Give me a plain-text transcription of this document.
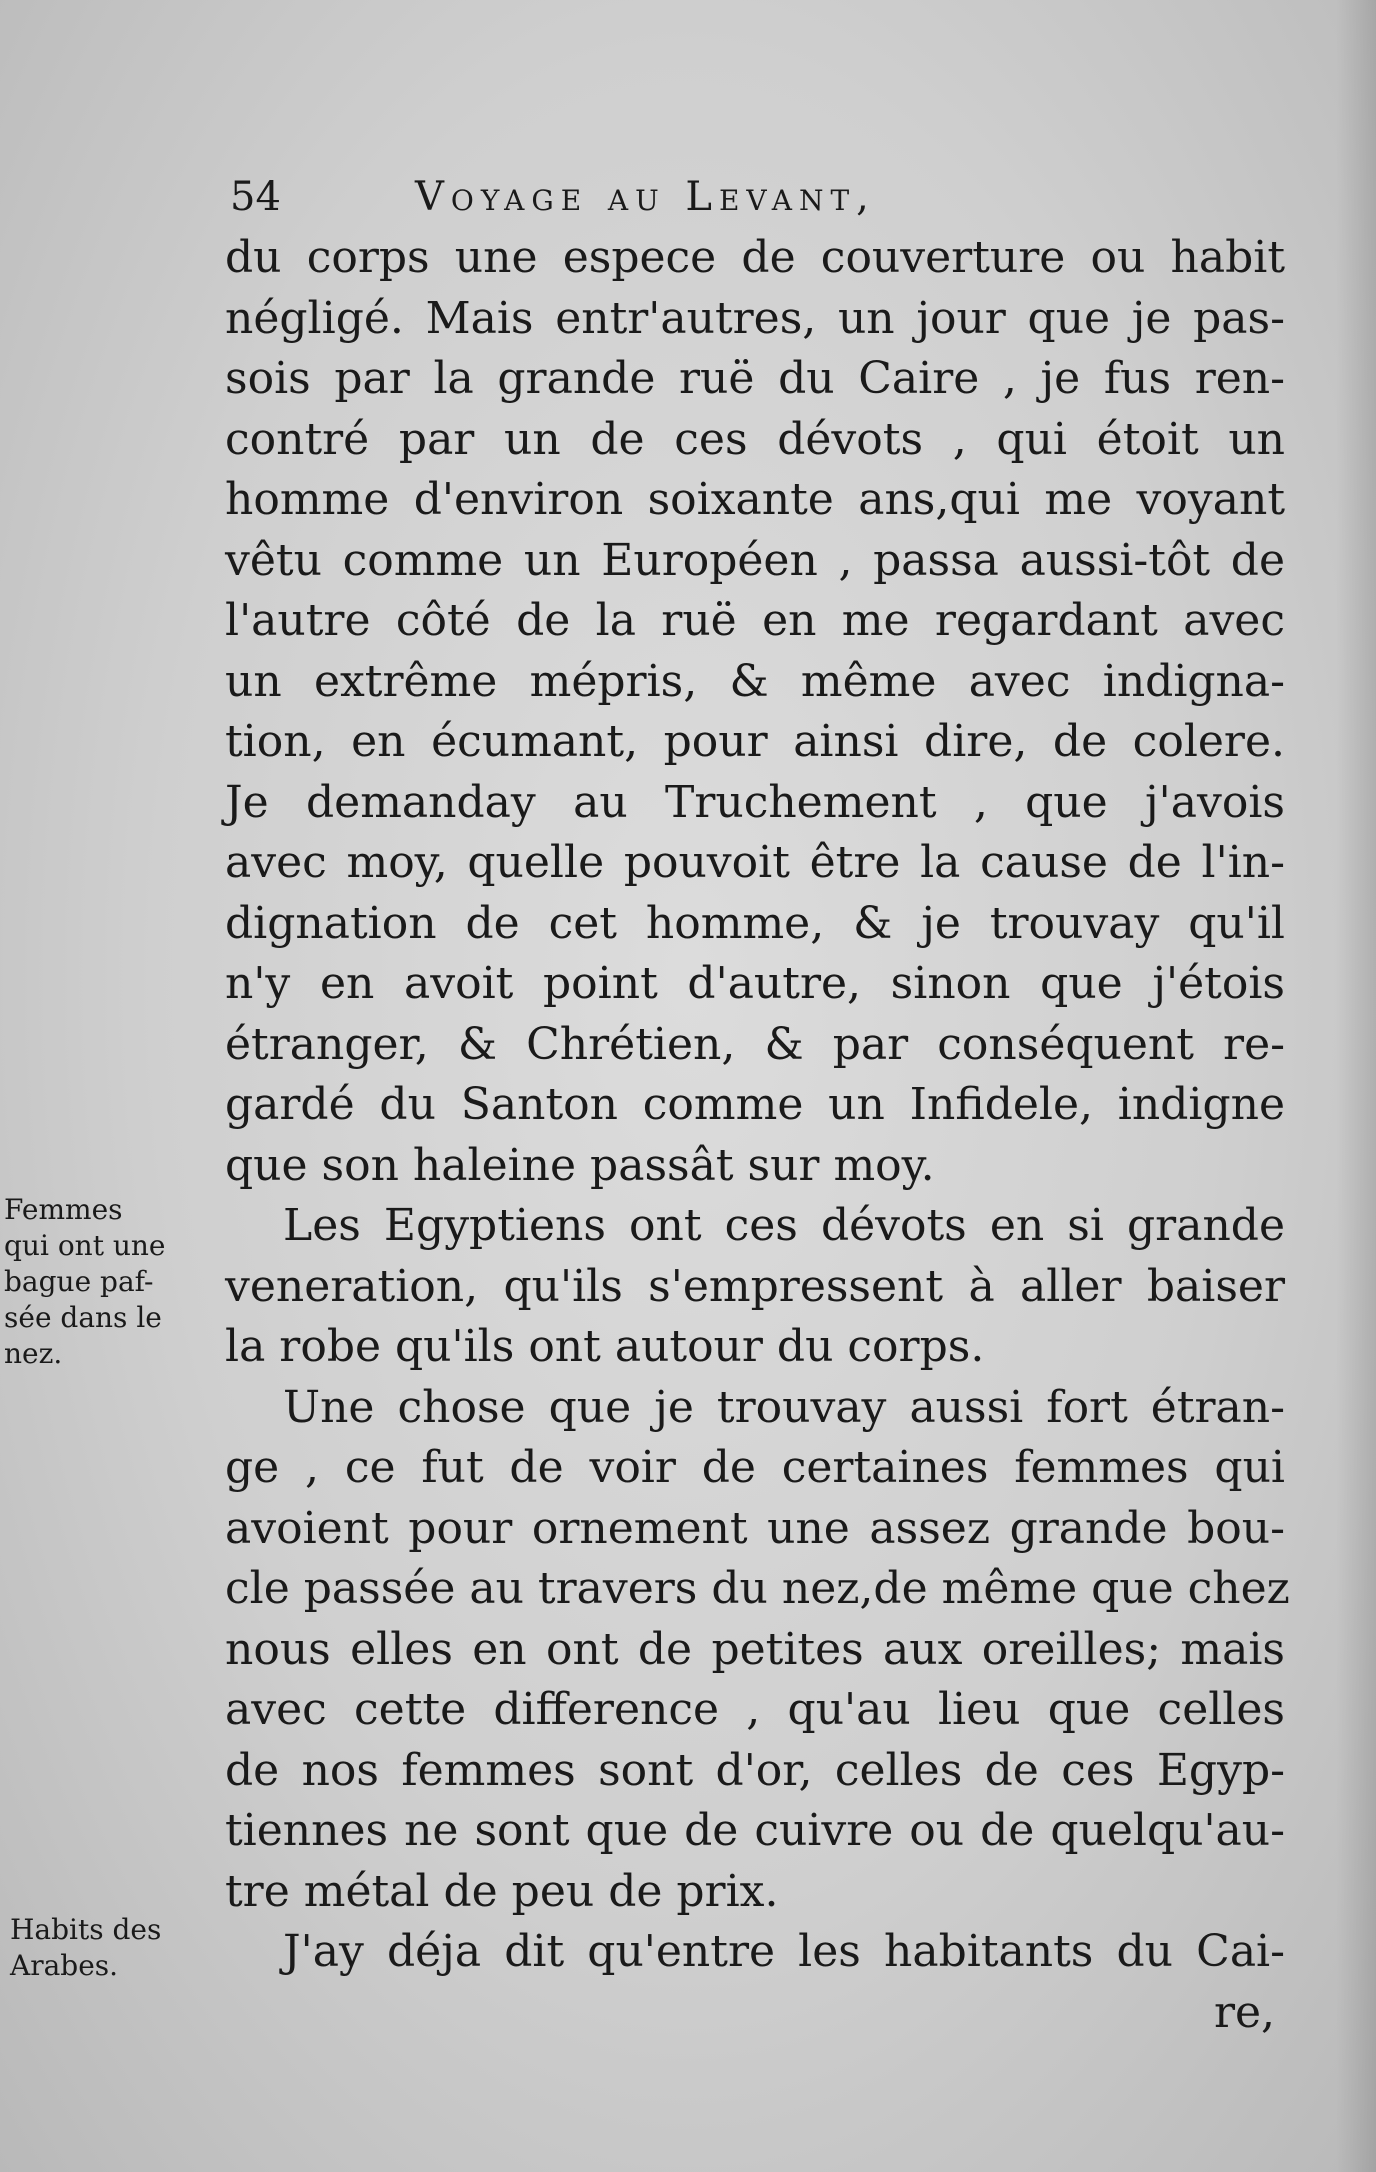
54	Voyage au Levant,
Femmes
qui ont une
bague paf-
sée dans le
nez.
Habits des
Arabes.
du corps une espece de couverture ou habit
négligé. Mais entr'autres, un jour que je pas-
sois par la grande ruë du Caire , je fus ren-
contré par un de ces dévots , qui étoit un
homme d'environ soixante ans,qui me voyant
vêtu comme un Européen , passa aussi-tôt de
l'autre côté de la ruë en me regardant avec
un extrême mépris, & même avec indigna-
tion, en écumant, pour ainsi dire, de colere.
Je demanday au Truchement , que j'avois
avec moy, quelle pouvoit être la cause de l'in-
dignation de cet homme, & je trouvay qu'il
n'y en avoit point d'autre, sinon que j'étois
étranger, & Chrétien, & par conséquent re-
gardé du Santon comme un Infidele, indigne
que son haleine passât sur moy.
Les Egyptiens ont ces dévots en si grande
veneration, qu'ils s'empressent à aller baiser
la robe qu'ils ont autour du corps.
Une chose que je trouvay aussi fort étran-
ge , ce fut de voir de certaines femmes qui
avoient pour ornement une assez grande bou-
cle passée au travers du nez,de même que chez
nous elles en ont de petites aux oreilles; mais
avec cette difference , qu'au lieu que celles
de nos femmes sont d'or, celles de ces Egyp-
tiennes ne sont que de cuivre ou de quelqu'au-
tre métal de peu de prix.
J'ay déja dit qu'entre les habitants du Cai-
re,
